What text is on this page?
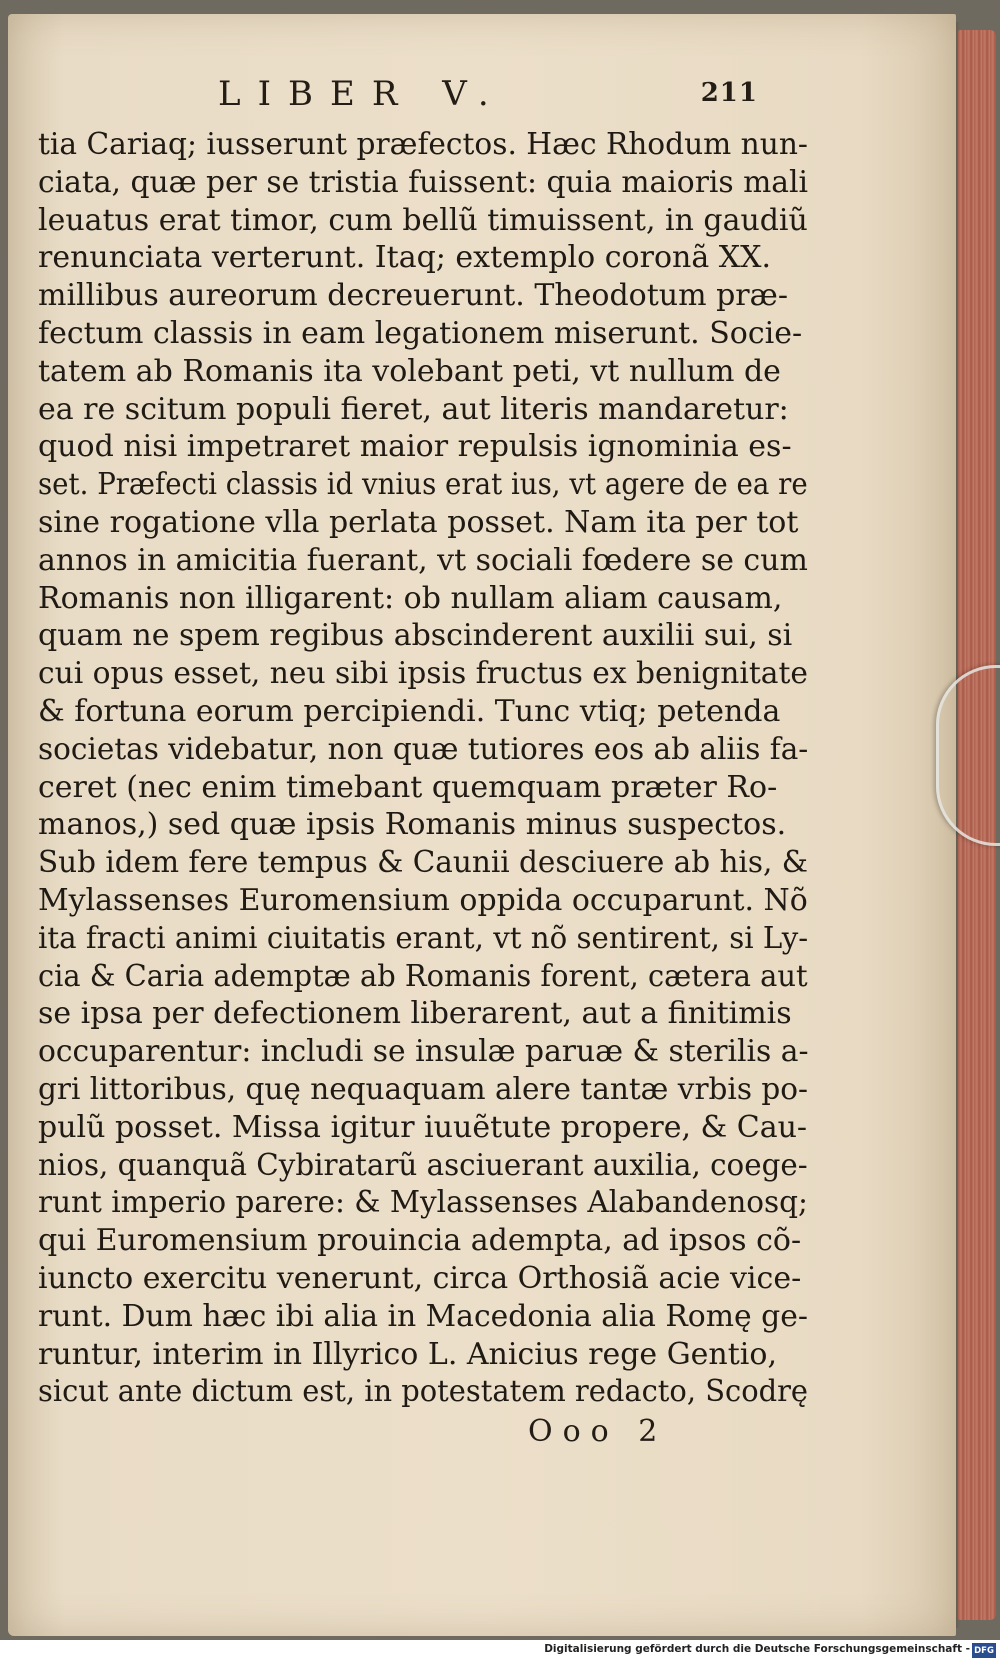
LIBER V.	211
tia Cariaq; iusserunt præfectos. Hæc Rhodum nun-
ciata, quæ per se tristia fuissent: quia maioris mali
leuatus erat timor, cum bellũ timuissent, in gaudiũ
renunciata verterunt. Itaq; extemplo coronã XX.
millibus aureorum decreuerunt. Theodotum præ-
fectum classis in eam legationem miserunt. Socie-
tatem ab Romanis ita volebant peti, vt nullum de
ea re scitum populi fieret, aut literis mandaretur:
quod nisi impetraret maior repulsis ignominia es-
set. Præfecti classis id vnius erat ius, vt agere de ea re
sine rogatione vlla perlata posset. Nam ita per tot
annos in amicitia fuerant, vt sociali fœdere se cum
Romanis non illigarent: ob nullam aliam causam,
quam ne spem regibus abscinderent auxilii sui, si
cui opus esset, neu sibi ipsis fructus ex benignitate
& fortuna eorum percipiendi. Tunc vtiq; petenda
societas videbatur, non quæ tutiores eos ab aliis fa-
ceret (nec enim timebant quemquam præter Ro-
manos,) sed quæ ipsis Romanis minus suspectos.
Sub idem fere tempus & Caunii desciuere ab his, &
Mylassenses Euromensium oppida occuparunt. Nõ
ita fracti animi ciuitatis erant, vt nõ sentirent, si Ly-
cia & Caria ademptæ ab Romanis forent, cætera aut
se ipsa per defectionem liberarent, aut a finitimis
occuparentur: includi se insulæ paruæ & sterilis a-
gri littoribus, quę nequaquam alere tantæ vrbis po-
pulũ posset. Missa igitur iuuẽtute propere, & Cau-
nios, quanquã Cybiratarũ asciuerant auxilia, coege-
runt imperio parere: & Mylassenses Alabandenosq;
qui Euromensium prouincia adempta, ad ipsos cõ-
iuncto exercitu venerunt, circa Orthosiã acie vice-
runt. Dum hæc ibi alia in Macedonia alia Romę ge-
runtur, interim in Illyrico L. Anicius rege Gentio,
sicut ante dictum est, in potestatem redacto, Scodrę
Ooo 2
Digitalisierung gefördert durch die Deutsche Forschungsgemeinschaft - DFG
